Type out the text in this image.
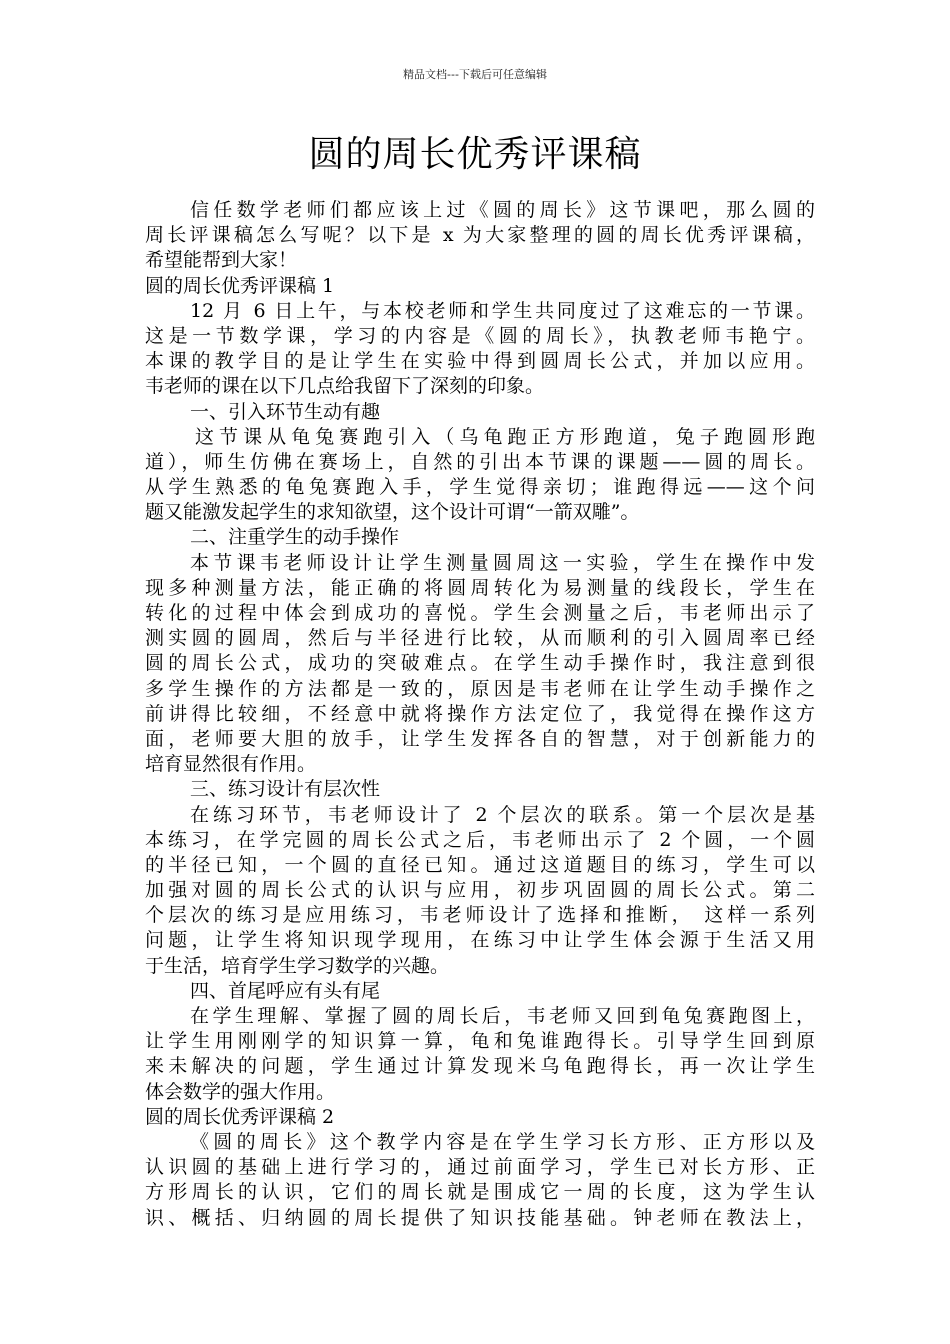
精品文档---下载后可任意编辑
圆的周长优秀评课稿
信任数学老师们都应该上过《圆的周长》这节课吧，那么圆的
周长评课稿怎么写呢？以下是 x 为大家整理的圆的周长优秀评课稿，
希望能帮到大家！
圆的周长优秀评课稿 1
12 月 6 日上午，与本校老师和学生共同度过了这难忘的一节课。
这是一节数学课，学习的内容是《圆的周长》，执教老师韦艳宁。
本课的教学目的是让学生在实验中得到圆周长公式，并加以应用。
韦老师的课在以下几点给我留下了深刻的印象。
一、引入环节生动有趣
这节课从龟兔赛跑引入（乌龟跑正方形跑道，兔子跑圆形跑
道），师生仿佛在赛场上，自然的引出本节课的课题——圆的周长。
从学生熟悉的龟兔赛跑入手，学生觉得亲切；谁跑得远——这个问
题又能激发起学生的求知欲望，这个设计可谓“一箭双雕”。
二、注重学生的动手操作
本节课韦老师设计让学生测量圆周这一实验，学生在操作中发
现多种测量方法，能正确的将圆周转化为易测量的线段长，学生在
转化的过程中体会到成功的喜悦。学生会测量之后，韦老师出示了
测实圆的圆周，然后与半径进行比较，从而顺利的引入圆周率已经
圆的周长公式，成功的突破难点。在学生动手操作时，我注意到很
多学生操作的方法都是一致的，原因是韦老师在让学生动手操作之
前讲得比较细，不经意中就将操作方法定位了，我觉得在操作这方
面，老师要大胆的放手，让学生发挥各自的智慧，对于创新能力的
培育显然很有作用。
三、练习设计有层次性
在练习环节，韦老师设计了 2 个层次的联系。第一个层次是基
本练习，在学完圆的周长公式之后，韦老师出示了 2 个圆，一个圆
的半径已知，一个圆的直径已知。通过这道题目的练习，学生可以
加强对圆的周长公式的认识与应用，初步巩固圆的周长公式。第二
个层次的练习是应用练习，韦老师设计了选择和推断， 这样一系列
问题，让学生将知识现学现用，在练习中让学生体会源于生活又用
于生活，培育学生学习数学的兴趣。
四、首尾呼应有头有尾
在学生理解、掌握了圆的周长后，韦老师又回到龟兔赛跑图上，
让学生用刚刚学的知识算一算，龟和兔谁跑得长。引导学生回到原
来未解决的问题，学生通过计算发现米乌龟跑得长，再一次让学生
体会数学的强大作用。
圆的周长优秀评课稿 2
《圆的周长》这个教学内容是在学生学习长方形、正方形以及
认识圆的基础上进行学习的，通过前面学习，学生已对长方形、正
方形周长的认识，它们的周长就是围成它一周的长度，这为学生认
识、概括、归纳圆的周长提供了知识技能基础。钟老师在教法上，
